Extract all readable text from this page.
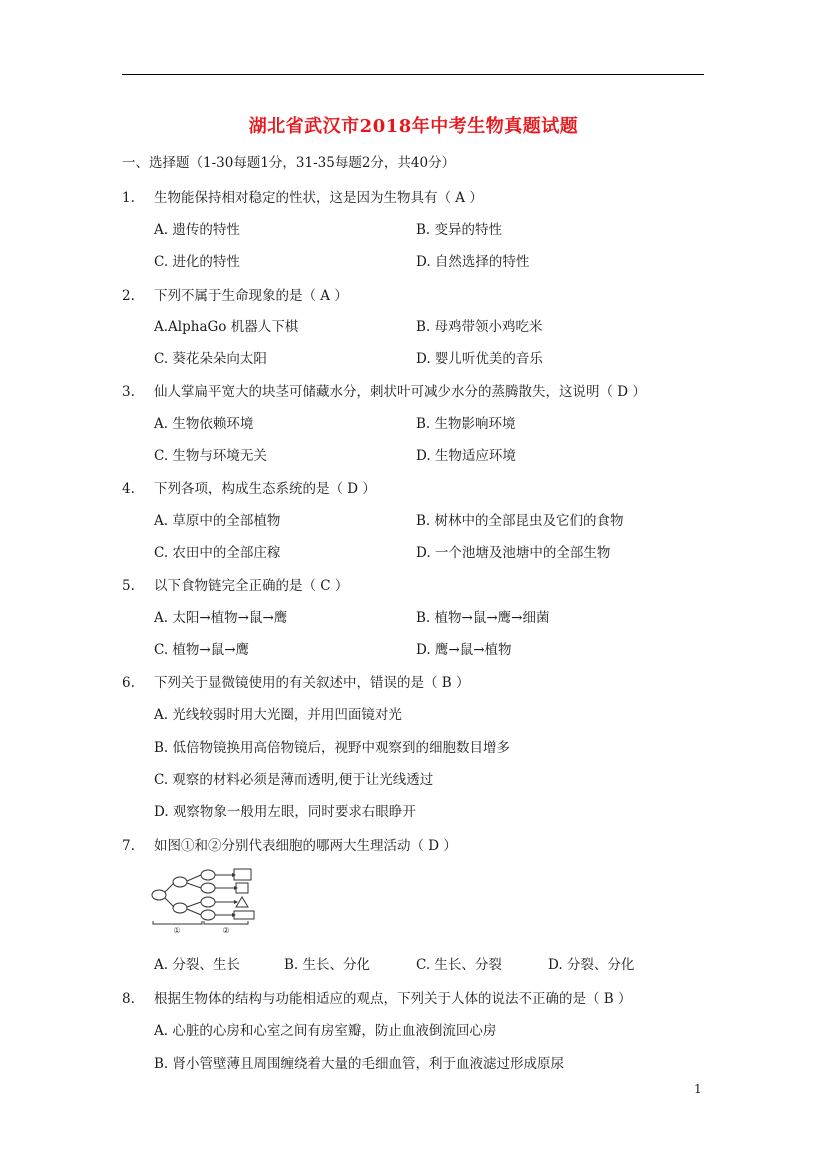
湖北省武汉市2018年中考生物真题试题
一、选择题（1-30每题1分，31-35每题2分，共40分）
1. 生物能保持相对稳定的性状，这是因为生物具有（ A ）
A. 遗传的特性	B. 变异的特性
C. 进化的特性	D. 自然选择的特性
2. 下列不属于生命现象的是（ A ）
A.AlphaGo 机器人下棋	B. 母鸡带领小鸡吃米
C. 葵花朵朵向太阳	D. 婴儿听优美的音乐
3. 仙人掌扁平宽大的块茎可储藏水分，刺状叶可减少水分的蒸腾散失，这说明（ D ）
A. 生物依赖环境	B. 生物影响环境
C. 生物与环境无关	D. 生物适应环境
4. 下列各项，构成生态系统的是（ D ）
A. 草原中的全部植物	B. 树林中的全部昆虫及它们的食物
C. 农田中的全部庄稼	D. 一个池塘及池塘中的全部生物
5. 以下食物链完全正确的是（ C ）
A. 太阳→植物→鼠→鹰	B. 植物→鼠→鹰→细菌
C. 植物→鼠→鹰	D. 鹰→鼠→植物
6. 下列关于显微镜使用的有关叙述中，错误的是（ B ）
A. 光线较弱时用大光圈，并用凹面镜对光
B. 低倍物镜换用高倍物镜后，视野中观察到的细胞数目增多
C. 观察的材料必须是薄而透明,便于让光线透过
D. 观察物象一般用左眼，同时要求右眼睁开
7. 如图①和②分别代表细胞的哪两大生理活动（ D ）
①	②
A. 分裂、生长	B. 生长、分化	C. 生长、分裂	D. 分裂、分化
8. 根据生物体的结构与功能相适应的观点，下列关于人体的说法不正确的是（ B ）
A. 心脏的心房和心室之间有房室瓣，防止血液倒流回心房
B. 肾小管壁薄且周围缠绕着大量的毛细血管，利于血液滤过形成原尿
1
